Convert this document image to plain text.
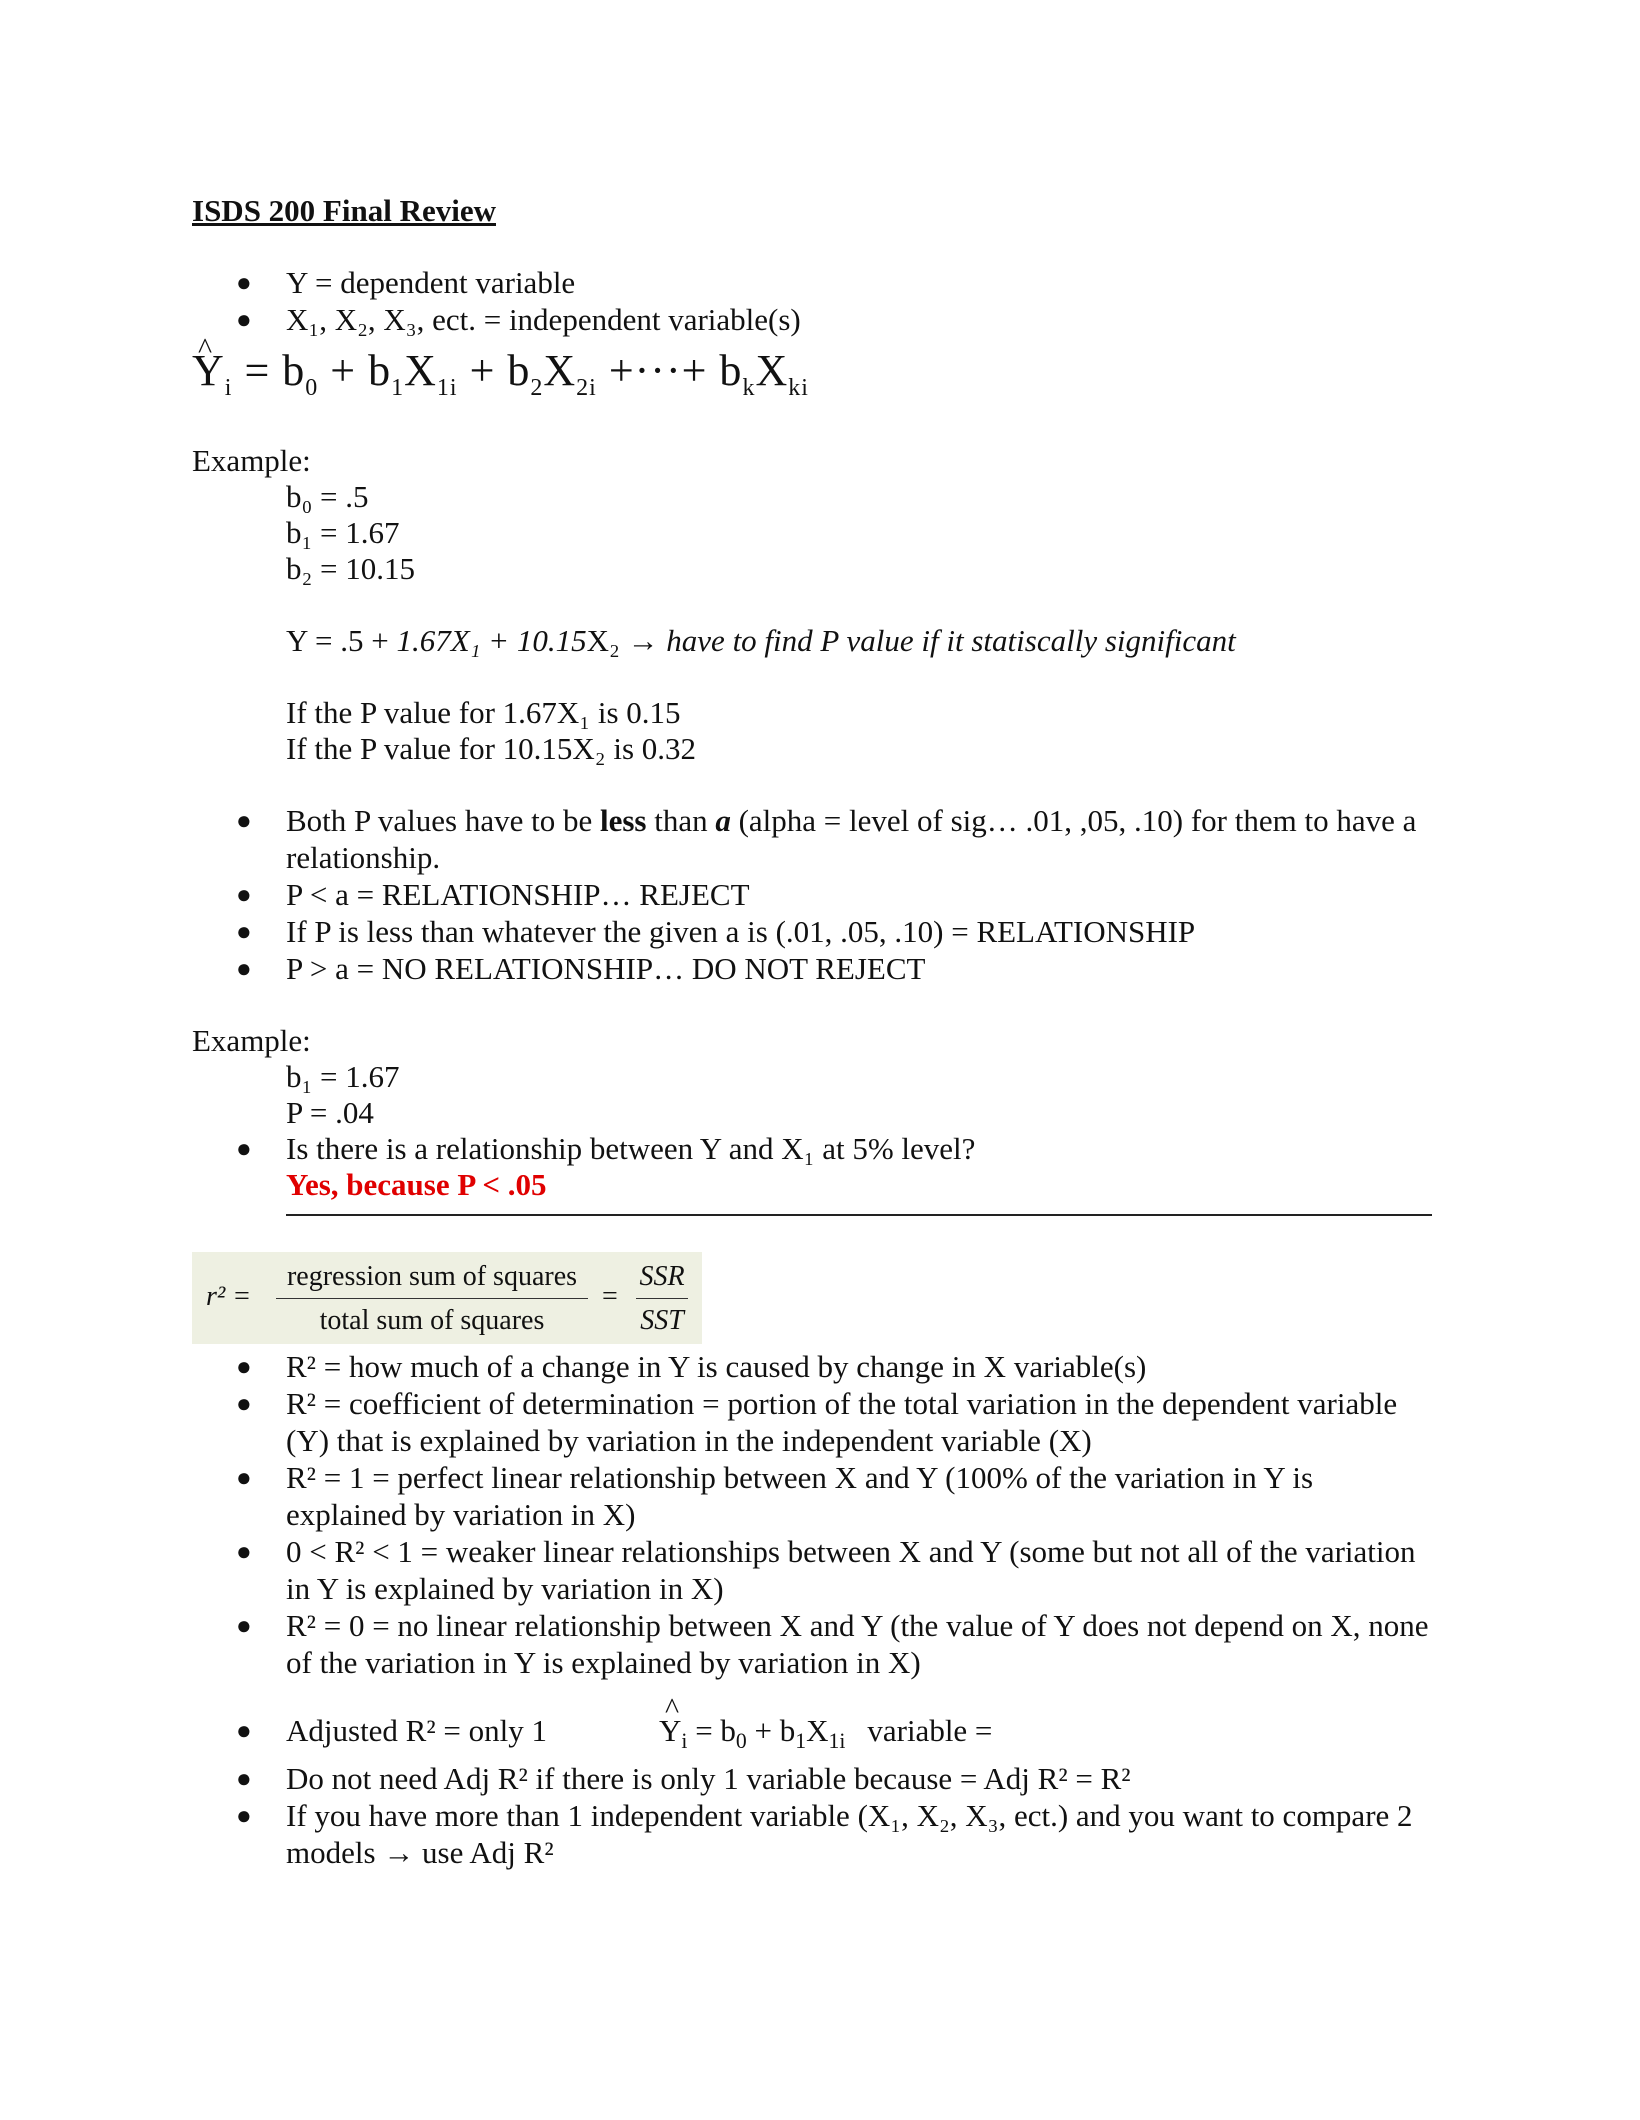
ISDS 200 Final Review
● Y = dependent variable
● X₁, X₂, X₃, ect. = independent variable(s)
^ $Y_i = b_0 + b_1X_{1i} + b_2X_{2i}$ +···+ $b_kX_{ki}$
Example:
b₀ = .5
b₁ = 1.67
b₂ = 10.15
Y = .5 + 1.67X₁ + 10.15X₂ → have to find P value if it statiscally significant
If the P value for 1.67X₁ is 0.15
If the P value for 10.15X₂ is 0.32
● Both P values have to be less than a (alpha = level of sig… .01, ,05, .10) for them to have a relationship.
● P < a = RELATIONSHIP… REJECT
● If P is less than whatever the given a is (.01, .05, .10) = RELATIONSHIP
● P > a = NO RELATIONSHIP… DO NOT REJECT
Example:
b₁ = 1.67
P = .04
● Is there is a relationship between Y and X₁ at 5% level?
Yes, because P < .05
r² =
regression sum of squares
total sum of squares
=
SSR
SST
● R² = how much of a change in Y is caused by change in X variable(s)
● R² = coefficient of determination = portion of the total variation in the dependent variable (Y) that is explained by variation in the independent variable (X)
● R² = 1 = perfect linear relationship between X and Y (100% of the variation in Y is explained by variation in X)
● 0 < R² < 1 = weaker linear relationships between X and Y (some but not all of the variation in Y is explained by variation in X)
● R² = 0 = no linear relationship between X and Y (the value of Y does not depend on X, none of the variation in Y is explained by variation in X)
● Adjusted R² = only 1^	$Y_i = b_0 + b_1X_{1i}$ variable =
● Do not need Adj R² if there is only 1 variable because = Adj R² = R²
● If you have more than 1 independent variable (X₁, X₂, X₃, ect.) and you want to compare 2 models → use Adj R²
